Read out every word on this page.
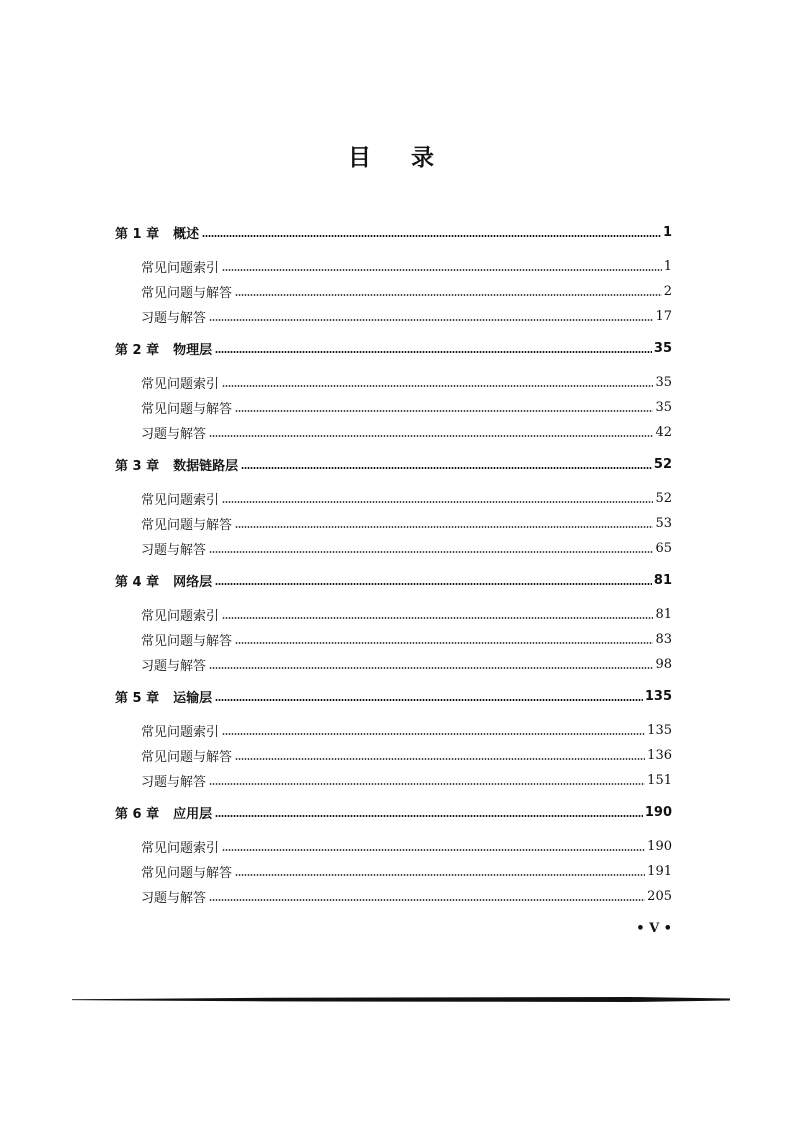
目 录
第 1 章 概述	1
常见问题索引	1
常见问题与解答	2
习题与解答	17
第 2 章 物理层	35
常见问题索引	35
常见问题与解答	35
习题与解答	42
第 3 章 数据链路层	52
常见问题索引	52
常见问题与解答	53
习题与解答	65
第 4 章 网络层	81
常见问题索引	81
常见问题与解答	83
习题与解答	98
第 5 章 运输层	135
常见问题索引	135
常见问题与解答	136
习题与解答	151
第 6 章 应用层	190
常见问题索引	190
常见问题与解答	191
习题与解答	205
• V •
